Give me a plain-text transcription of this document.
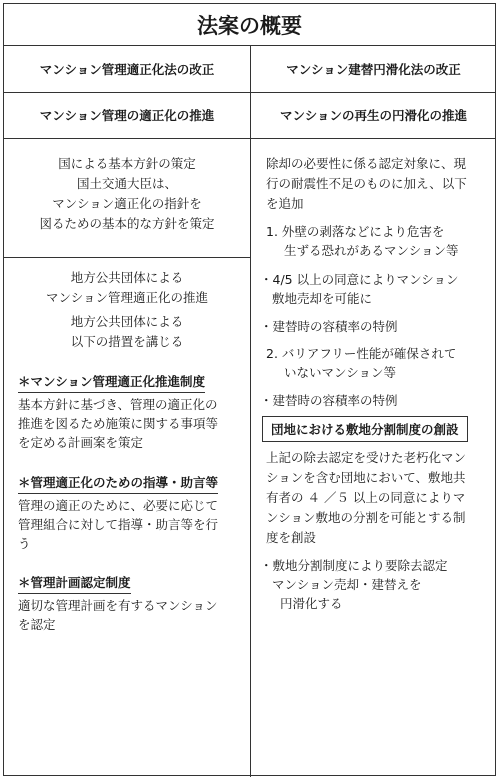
法案の概要
マンション管理適正化法の改正	マンション建替円滑化法の改正
マンション管理の適正化の推進	マンションの再生の円滑化の推進
国による基本方針の策定
国土交通大臣は、
マンション適正化の指針を
図るための基本的な方針を策定
地方公共団体による
マンション管理適正化の推進
地方公共団体による
以下の措置を講じる
＊マンション管理適正化推進制度
基本方針に基づき、管理の適正化の
推進を図るため施策に関する事項等
を定める計画案を策定
＊管理適正化のための指導・助言等
管理の適正のために、必要に応じて
管理組合に対して指導・助言等を行
う
＊管理計画認定制度
適切な管理計画を有するマンション
を認定
除却の必要性に係る認定対象に、現
行の耐震性不足のものに加え、以下
を追加
1. 外壁の剥落などにより危害を
生ずる恐れがあるマンション等
・4/5 以上の同意によりマンション
敷地売却を可能に
・建替時の容積率の特例
2. バリアフリー性能が確保されて
いないマンション等
・建替時の容積率の特例
団地における敷地分割制度の創設
上記の除去認定を受けた老朽化マン
ションを含む団地において、敷地共
有者の ４ ／５ 以上の同意によりマ
ンション敷地の分割を可能とする制
度を創設
・敷地分割制度により要除去認定
マンション売却・建替えを
円滑化する
